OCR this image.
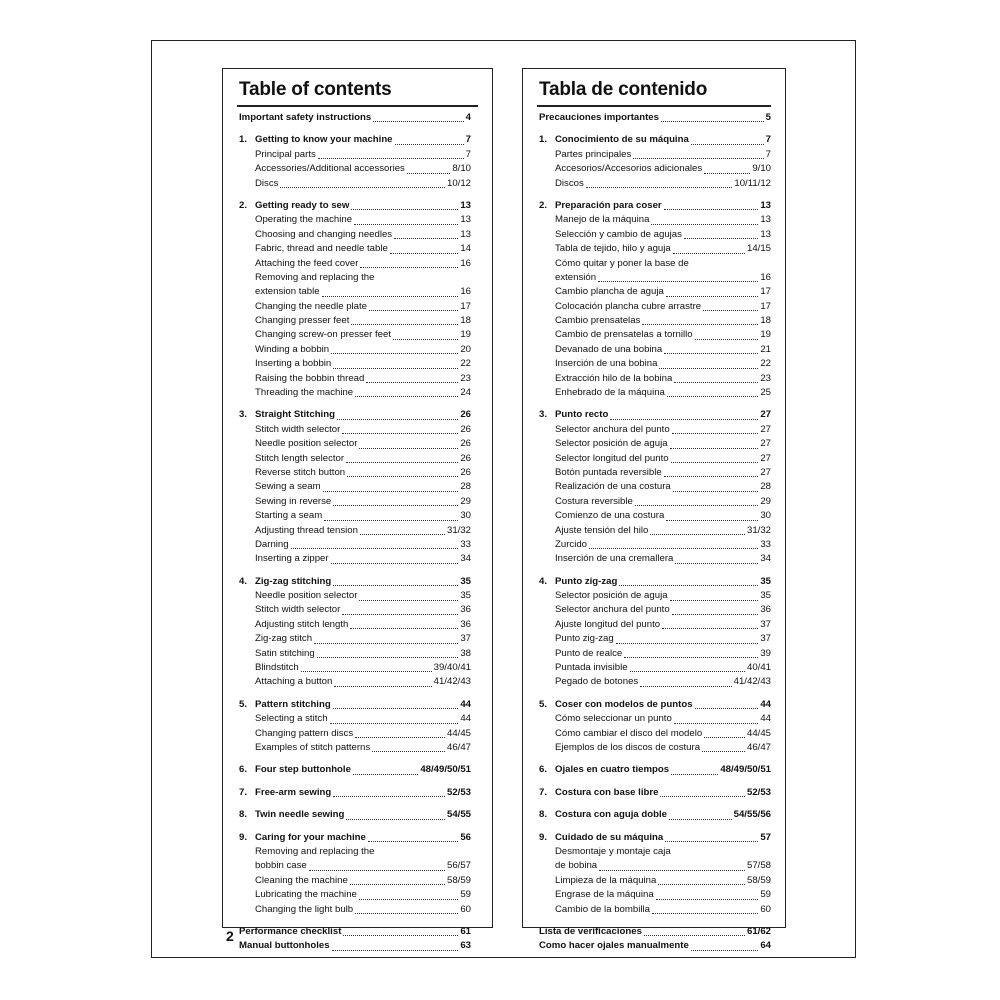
Table of contents
Important safety instructions	4
1. Getting to know your machine	7
Principal parts	7
Accessories/Additional accessories	8/10
Discs	10/12
2. Getting ready to sew	13
Operating the machine	13
Choosing and changing needles	13
Fabric, thread and needle table	14
Attaching the feed cover	16
Removing and replacing the
extension table	16
Changing the needle plate	17
Changing presser feet	18
Changing screw-on presser feet	19
Winding a bobbin	20
Inserting a bobbin	22
Raising the bobbin thread	23
Threading the machine	24
3. Straight Stitching	26
Stitch width selector	26
Needle position selector	26
Stitch length selector	26
Reverse stitch button	26
Sewing a seam	28
Sewing in reverse	29
Starting a seam	30
Adjusting thread tension	31/32
Darning	33
Inserting a zipper	34
4. Zig-zag stitching	35
Needle position selector	35
Stitch width selector	36
Adjusting stitch length	36
Zig-zag stitch	37
Satin stitching	38
Blindstitch	39/40/41
Attaching a button	41/42/43
5. Pattern stitching	44
Selecting a stitch	44
Changing pattern discs	44/45
Examples of stitch patterns	46/47
6. Four step buttonhole	48/49/50/51
7. Free-arm sewing	52/53
8. Twin needle sewing	54/55
9. Caring for your machine	56
Removing and replacing the
bobbin case	56/57
Cleaning the machine	58/59
Lubricating the machine	59
Changing the light bulb	60
Performance checklist	61
Manual buttonholes	63
Tabla de contenido
Precauciones importantes	5
1. Conocimiento de su máquina	7
Partes principales	7
Accesorios/Accesorios adicionales	9/10
Discos	10/11/12
2. Preparación para coser	13
Manejo de la máquina	13
Selección y cambio de agujas	13
Tabla de tejido, hilo y aguja	14/15
Cómo quitar y poner la base de
extensión	16
Cambio plancha de aguja	17
Colocación plancha cubre arrastre	17
Cambio prensatelas	18
Cambio de prensatelas a tornillo	19
Devanado de una bobina	21
Inserción de una bobina	22
Extracción hilo de la bobina	23
Enhebrado de la máquina	25
3. Punto recto	27
Selector anchura del punto	27
Selector posición de aguja	27
Selector longitud del punto	27
Botón puntada reversible	27
Realización de una costura	28
Costura reversible	29
Comienzo de una costura	30
Ajuste tensión del hilo	31/32
Zurcido	33
Inserción de una cremallera	34
4. Punto zig-zag	35
Selector posición de aguja	35
Selector anchura del punto	36
Ajuste longitud del punto	37
Punto zig-zag	37
Punto de realce	39
Puntada invisible	40/41
Pegado de botones	41/42/43
5. Coser con modelos de puntos	44
Cómo seleccionar un punto	44
Cómo cambiar el disco del modelo	44/45
Ejemplos de los discos de costura	46/47
6. Ojales en cuatro tiempos	48/49/50/51
7. Costura con base libre	52/53
8. Costura con aguja doble	54/55/56
9. Cuidado de su máquina	57
Desmontaje y montaje caja
de bobina	57/58
Limpieza de la máquina	58/59
Engrase de la máquina	59
Cambio de la bombilla	60
Lista de verificaciones	61/62
Como hacer ojales manualmente	64
2
